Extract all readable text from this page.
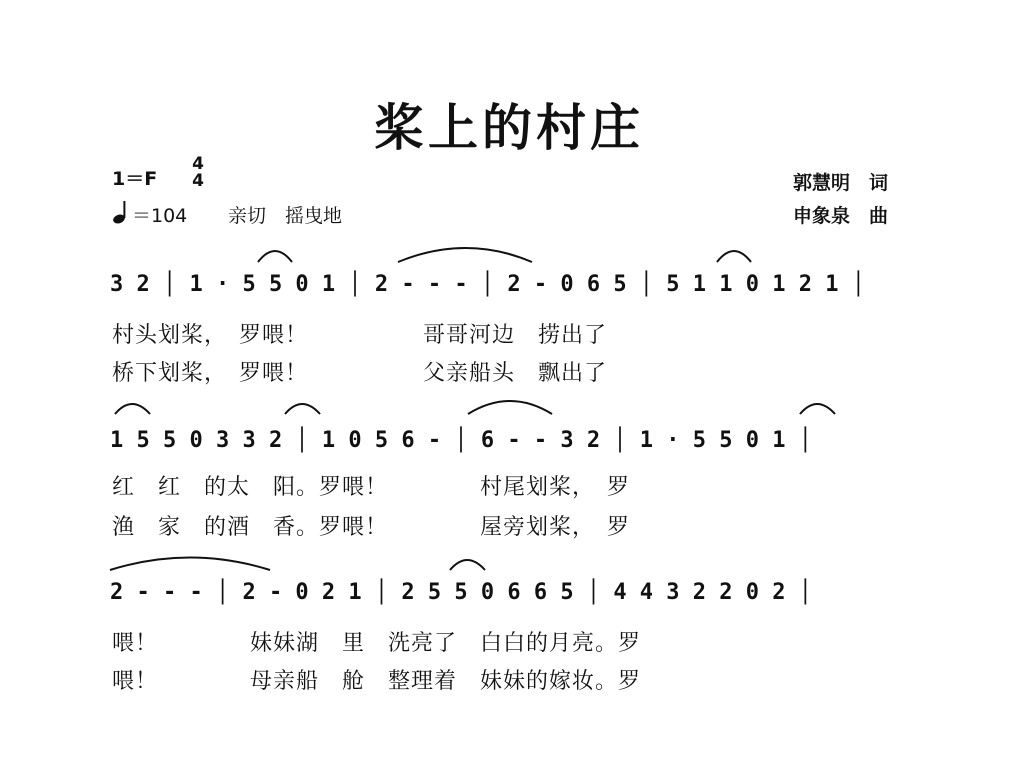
桨上的村庄
1＝F
4
4
＝104 亲切　摇曳地
郭慧明　词
申象泉　曲
3 2 │ 1 · 5 5 0 1 │ 2 - - - │ 2 - 0 6 5 │ 5 1 1 0 1 2 1 │
村头划桨，　罗喂！　　　　　哥哥河边　捞出了
桥下划桨，　罗喂！　　　　　父亲船头　飘出了
1 5 5 0 3 3 2 │ 1 0 5 6 - │ 6 - - 3 2 │ 1 · 5 5 0 1 │
红　红　的太　阳。罗喂！　　　　村尾划桨，　罗
渔　家　的酒　香。罗喂！　　　　屋旁划桨，　罗
2 - - - │ 2 - 0 2 1 │ 2 5 5 0 6 6 5 │ 4 4 3 2 2 0 2 │
喂！　　　　妹妹湖　里　洗亮了　白白的月亮。罗
喂！　　　　母亲船　舱　整理着　妹妹的嫁妆。罗
